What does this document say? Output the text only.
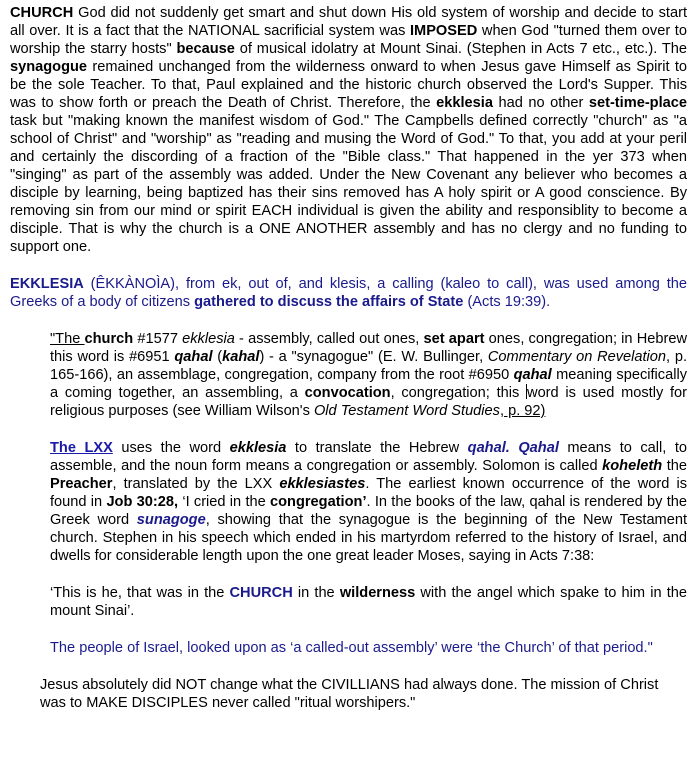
CHURCH God did not suddenly get smart and shut down His old system of worship and decide to start all over. It is a fact that the NATIONAL sacrificial system was IMPOSED when God "turned them over to worship the starry hosts" because of musical idolatry at Mount Sinai. (Stephen in Acts 7 etc., etc.). The synagogue remained unchanged from the wilderness onward to when Jesus gave Himself as Spirit to be the sole Teacher. To that, Paul explained and the historic church observed the Lord's Supper. This was to show forth or preach the Death of Christ. Therefore, the ekklesia had no other set-time-place task but "making known the manifest wisdom of God." The Campbells defined correctly "church" as "a school of Christ" and "worship" as "reading and musing the Word of God." To that, you add at your peril and certainly the discording of a fraction of the "Bible class." That happened in the yer 373 when "singing" as part of the assembly was added. Under the New Covenant any believer who becomes a disciple by learning, being baptized has their sins removed has A holy spirit or A good conscience. By removing sin from our mind or spirit EACH individual is given the ability and responsiblity to become a disciple. That is why the church is a ONE ANOTHER assembly and has no clergy and no funding to support one.

EKKLESIA (ÊKKÀNOÌA), from ek, out of, and klesis, a calling (kaleo to call), was used among the Greeks of a body of citizens gathered to discuss the affairs of State (Acts 19:39).

"The church #1577 ekklesia - assembly, called out ones, set apart ones, congregation; in Hebrew this word is #6951 qahal (kahal) - a "synagogue" (E. W. Bullinger, Commentary on Revelation, p. 165-166), an assemblage, congregation, company from the root #6950 qahal meaning specifically a coming together, an assembling, a convocation, congregation; this word is used mostly for religious purposes (see William Wilson's Old Testament Word Studies, p. 92)

The LXX uses the word ekklesia to translate the Hebrew qahal. Qahal means to call, to assemble, and the noun form means a congregation or assembly. Solomon is called koheleth the Preacher, translated by the LXX ekklesiastes. The earliest known occurrence of the word is found in Job 30:28, ‘I cried in the congregation’. In the books of the law, qahal is rendered by the Greek word sunagoge, showing that the synagogue is the beginning of the New Testament church. Stephen in his speech which ended in his martyrdom referred to the history of Israel, and dwells for considerable length upon the one great leader Moses, saying in Acts 7:38:

‘This is he, that was in the CHURCH in the wilderness with the angel which spake to him in the mount Sinai’.

The people of Israel, looked upon as ‘a called-out assembly’ were ‘the Church’ of that period."

Jesus absolutely did NOT change what the CIVILLIANS had always done. The mission of Christ was to MAKE DISCIPLES never called "ritual worshipers."
